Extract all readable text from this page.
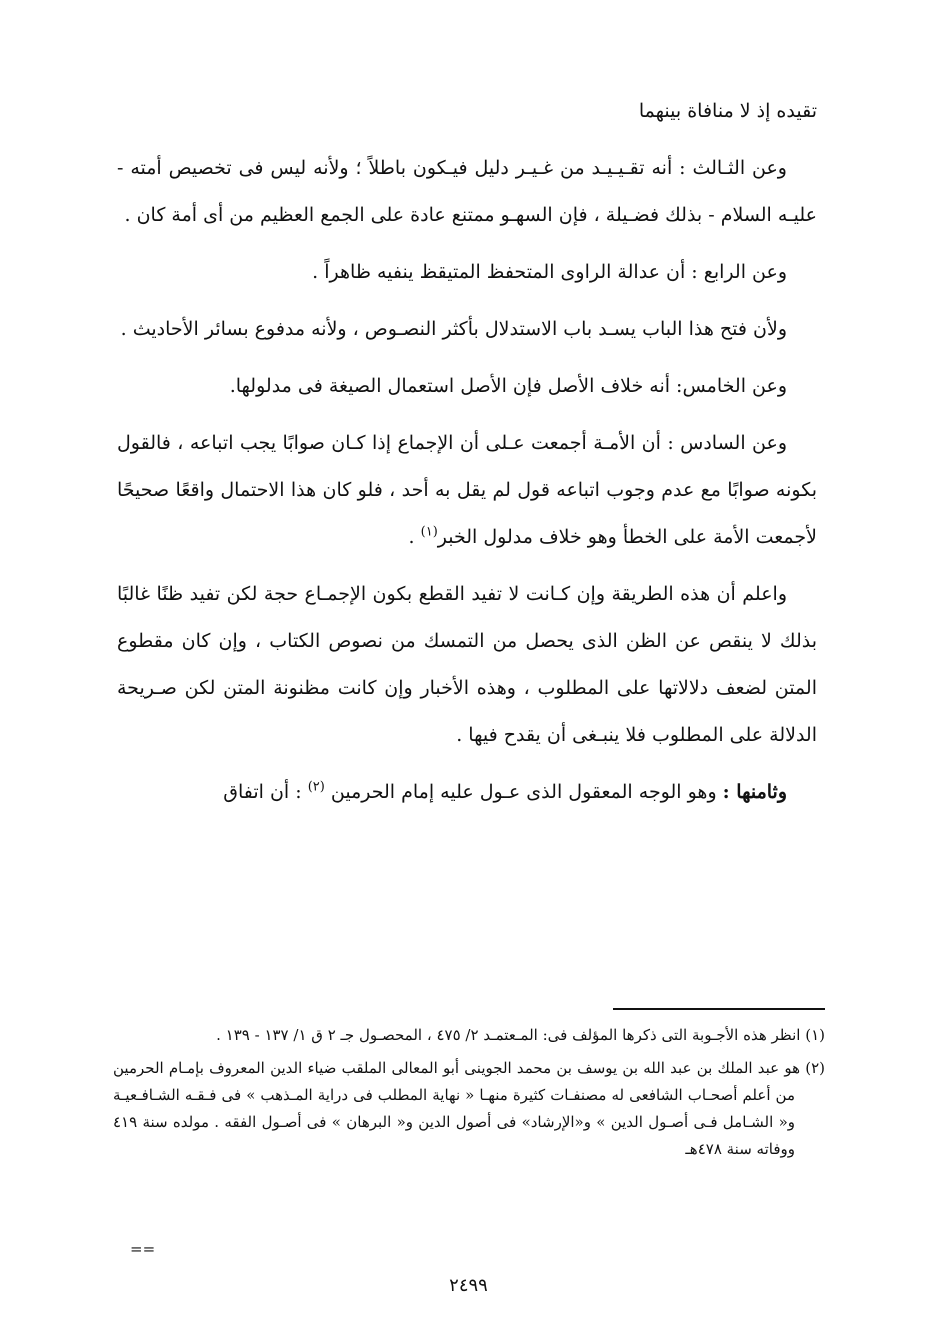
تقيده إذ لا منافاة بينهما

وعن الثـالث : أنه تقـيـيـد من غـيـر دليل فيـكون باطلاً ؛ ولأنه ليس فى تخصيص أمته - عليـه السلام - بذلك فضـيلة ، فإن السهـو ممتنع عادة على الجمع العظيم من أى أمة كان .

وعن الرابع : أن عدالة الراوى المتحفظ المتيقظ ينفيه ظاهراً .

ولأن فتح هذا الباب يسـد باب الاستدلال بأكثر النصـوص ، ولأنه مدفوع بسائر الأحاديث .

وعن الخامس: أنه خلاف الأصل فإن الأصل استعمال الصيغة فى مدلولها.

وعن السادس : أن الأمـة أجمعت عـلى أن الإجماع إذا كـان صوابًا يجب اتباعه ، فالقول بكونه صوابًا مع عدم وجوب اتباعه قول لم يقل به أحد ، فلو كان هذا الاحتمال واقعًا صحيحًا لأجمعت الأمة على الخطأ وهو خلاف مدلول الخبر$^{(١)}$ .

واعلم أن هذه الطريقة وإن كـانت لا تفيد القطع بكون الإجمـاع حجة لكن تفيد ظنًا غالبًا بذلك لا ينقص عن الظن الذى يحصل من التمسك من نصوص الكتاب ، وإن كان مقطوع المتن لضعف دلالاتها على المطلوب ، وهذه الأخبار وإن كانت مظنونة المتن لكن صـريحة الدلالة على المطلوب فلا ينبـغى أن يقدح فيها .

وثامنها : وهو الوجه المعقول الذى عـول عليه إمام الحرمين $^{(٢)}$ : أن اتفاق

(١) انظر هذه الأجـوبة التى ذكرها المؤلف فى: المـعتمـد ٢/ ٤٧٥ ، المحصـول جـ ٢ ق ١/ ١٣٧ - ١٣٩ .

(٢) هو عبد الملك بن عبد الله بن يوسف بن محمد الجوينى أبو المعالى الملقب ضياء الدين المعروف بإمـام الحرمين من أعلم أصحـاب الشافعى له مصنفـات كثيرة منهـا « نهاية المطلب فى دراية المـذهب » فى فـقـه الشـافـعيـة و« الشـامل فـى أصـول الدين » و«الإرشاد» فى أصول الدين و« البرهان » فى أصـول الفقه . مولده سنة ٤١٩ ووفاته سنة ٤٧٨هـ

==
٢٤٩٩
